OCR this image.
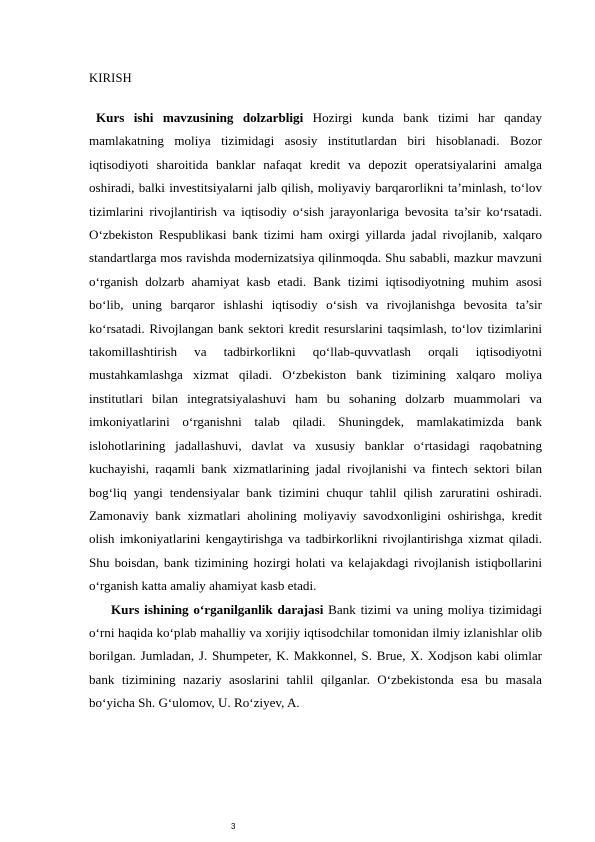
KIRISH

Kurs ishi mavzusining dolzarbligi Hozirgi kunda bank tizimi har qanday mamlakatning moliya tizimidagi asosiy institutlardan biri hisoblanadi. Bozor iqtisodiyoti sharoitida banklar nafaqat kredit va depozit operatsiyalarini amalga oshiradi, balki investitsiyalarni jalb qilish, moliyaviy barqarorlikni ta’minlash, to‘lov tizimlarini rivojlantirish va iqtisodiy o‘sish jarayonlariga bevosita ta’sir ko‘rsatadi. O‘zbekiston Respublikasi bank tizimi ham oxirgi yillarda jadal rivojlanib, xalqaro standartlarga mos ravishda modernizatsiya qilinmoqda. Shu sababli, mazkur mavzuni o‘rganish dolzarb ahamiyat kasb etadi. Bank tizimi iqtisodiyotning muhim asosi bo‘lib, uning barqaror ishlashi iqtisodiy o‘sish va rivojlanishga bevosita ta’sir ko‘rsatadi. Rivojlangan bank sektori kredit resurslarini taqsimlash, to‘lov tizimlarini takomillashtirish va tadbirkorlikni qo‘llab-quvvatlash orqali iqtisodiyotni mustahkamlashga xizmat qiladi. O‘zbekiston bank tizimining xalqaro moliya institutlari bilan integratsiyalashuvi ham bu sohaning dolzarb muammolari va imkoniyatlarini o‘rganishni talab qiladi. Shuningdek, mamlakatimizda bank islohotlarining jadallashuvi, davlat va xususiy banklar o‘rtasidagi raqobatning kuchayishi, raqamli bank xizmatlarining jadal rivojlanishi va fintech sektori bilan bog‘liq yangi tendensiyalar bank tizimini chuqur tahlil qilish zaruratini oshiradi. Zamonaviy bank xizmatlari aholining moliyaviy savodxonligini oshirishga, kredit olish imkoniyatlarini kengaytirishga va tadbirkorlikni rivojlantirishga xizmat qiladi. Shu boisdan, bank tizimining hozirgi holati va kelajakdagi rivojlanish istiqbollarini o‘rganish katta amaliy ahamiyat kasb etadi.

Kurs ishining o‘rganilganlik darajasi Bank tizimi va uning moliya tizimidagi o‘rni haqida ko‘plab mahalliy va xorijiy iqtisodchilar tomonidan ilmiy izlanishlar olib borilgan. Jumladan, J. Shumpeter, K. Makkonnel, S. Brue, X. Xodjson kabi olimlar bank tizimining nazariy asoslarini tahlil qilganlar. O‘zbekistonda esa bu masala bo‘yicha Sh. G‘ulomov, U. Ro‘ziyev, A.

3
